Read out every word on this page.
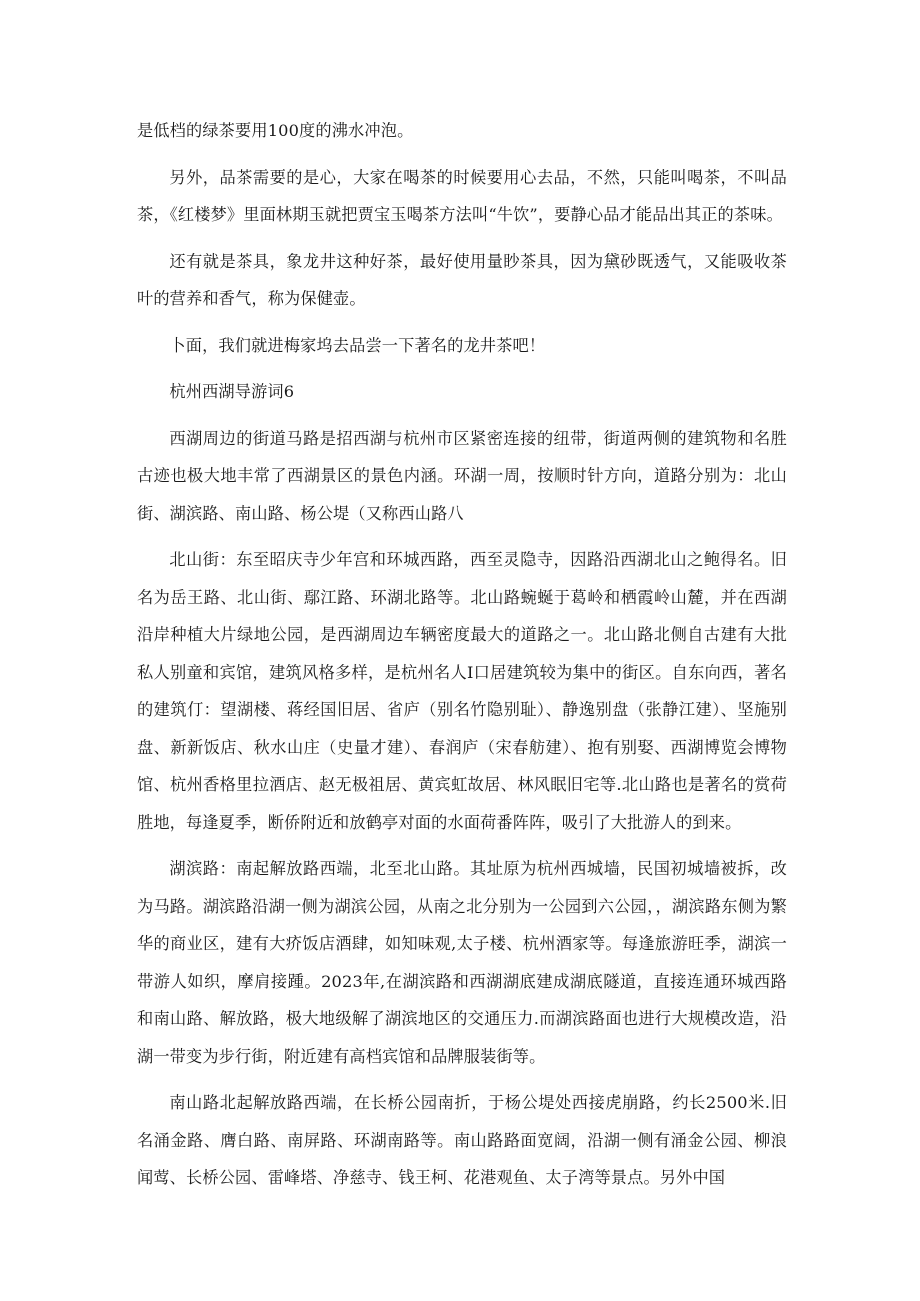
是低档的绿茶要用100度的沸水冲泡。

另外，品茶需要的是心，大家在喝茶的时候要用心去品，不然，只能叫喝茶，不叫品茶，《红楼梦》里面林期玉就把贾宝玉喝茶方法叫“牛饮”，要静心品才能品出其正的茶味。

还有就是茶具，象龙井这种好茶，最好使用量眇茶具，因为黛砂既透气，又能吸收茶叶的营养和香气，称为保健壶。

卜面，我们就进梅家坞去品尝一下著名的龙井茶吧！

杭州西湖导游词6

西湖周边的街道马路是招西湖与杭州市区紧密连接的纽带，街道两侧的建筑物和名胜古迹也极大地丰常了西湖景区的景色内涵。环湖一周，按顺时针方向，道路分别为：北山街、湖滨路、南山路、杨公堤（又称西山路八

北山街：东至昭庆寺少年宫和环城西路，西至灵隐寺，因路沿西湖北山之鲍得名。旧名为岳王路、北山街、鄢江路、环湖北路等。北山路蜿蜒于葛岭和栖霞岭山麓，并在西湖沿岸种植大片绿地公园，是西湖周边车辆密度最大的道路之一。北山路北侧自古建有大批私人别童和宾馆，建筑风格多样，是杭州名人I口居建筑较为集中的街区。自东向西，著名的建筑仃：望湖楼、蒋经国旧居、省庐（别名竹隐别耻）、静逸别盘（张静江建）、坚施别盘、新新饭店、秋水山庄（史量才建）、春润庐（宋春舫建）、抱有别娶、西湖博览会博物馆、杭州香格里拉酒店、赵无极祖居、黄宾虹故居、林风眠旧宅等.北山路也是著名的赏荷胜地，每逢夏季，断侨附近和放鹤亭对面的水面荷番阵阵，吸引了大批游人的到来。

湖滨路：南起解放路西端，北至北山路。其址原为杭州西城墙，民国初城墙被拆，改为马路。湖滨路沿湖一侧为湖滨公园，从南之北分别为一公园到六公园，，湖滨路东侧为繁华的商业区，建有大疥饭店酒肆，如知味观,太子楼、杭州酒家等。每逢旅游旺季，湖滨一带游人如织，摩肩接踵。2023年,在湖滨路和西湖湖底建成湖底隧道，直接连通环城西路和南山路、解放路，极大地级解了湖滨地区的交通压力.而湖滨路面也进行大规模改造，沿湖一带变为步行街，附近建有高档宾馆和品牌服装街等。

南山路北起解放路西端，在长桥公园南折，于杨公堤处西接虎崩路，约长2500米.旧名涌金路、膺白路、南屏路、环湖南路等。南山路路面宽阔，沿湖一侧有涌金公园、柳浪闻莺、长桥公园、雷峰塔、净慈寺、钱王柯、花港观鱼、太子湾等景点。另外中国
